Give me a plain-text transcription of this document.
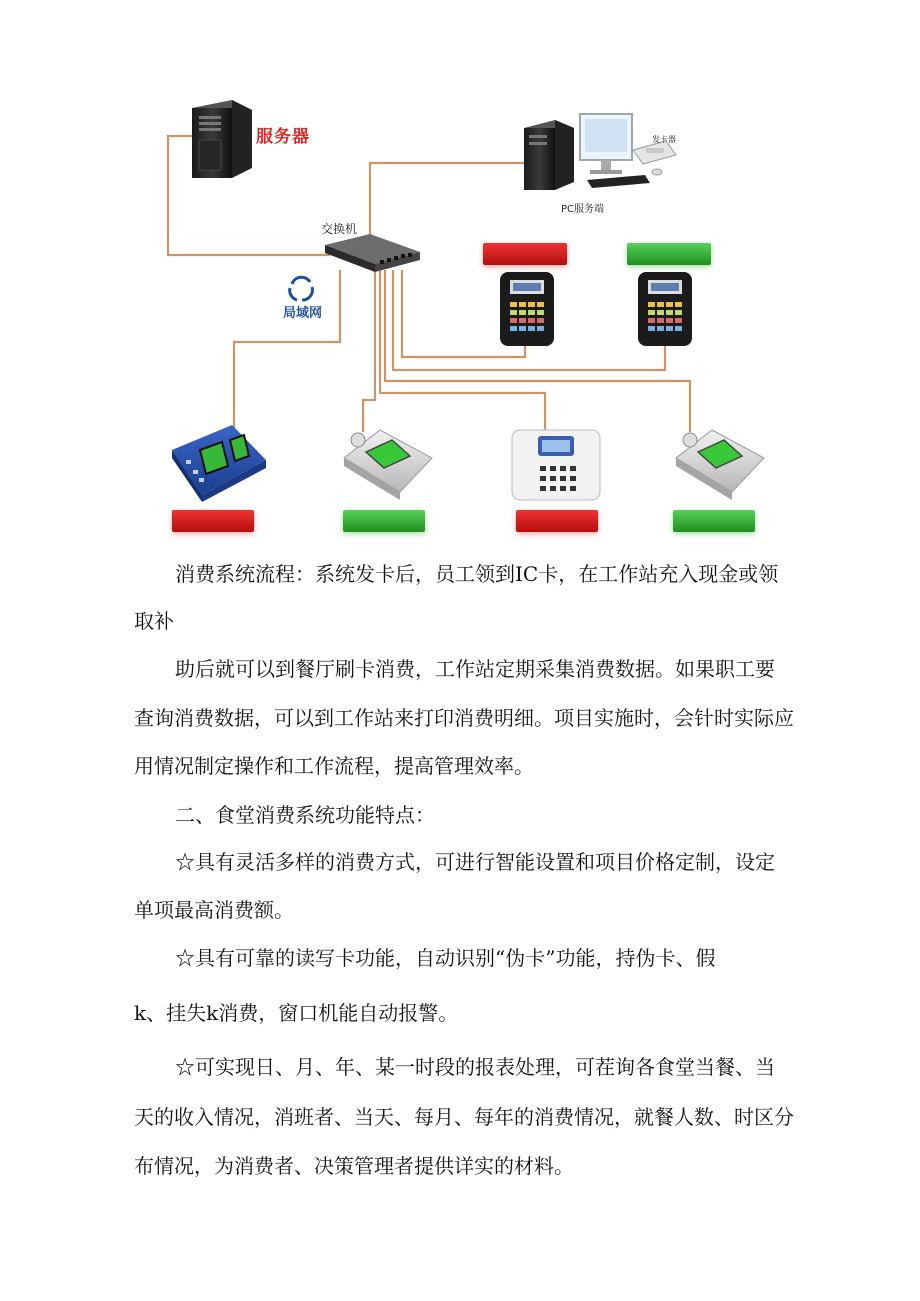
服务器
交换机
PC服务端
发卡器
局域网

消费系统流程：系统发卡后，员工领到IC卡，在工作站充入现金或领

取补

助后就可以到餐厅刷卡消费，工作站定期采集消费数据。如果职工要

查询消费数据，可以到工作站来打印消费明细。项目实施时，会针时实际应

用情况制定操作和工作流程，提高管理效率。

二、食堂消费系统功能特点：

☆具有灵活多样的消费方式，可进行智能设置和项目价格定制，设定

单项最高消费额。

☆具有可靠的读写卡功能，自动识别“伪卡”功能，持伪卡、假

k、挂失k消费，窗口机能自动报警。

☆可实现日、月、年、某一时段的报表处理，可茬询各食堂当餐、当

天的收入情况，消班者、当天、每月、每年的消费情况，就餐人数、时区分

布情况，为消费者、决策管理者提供详实的材料。
